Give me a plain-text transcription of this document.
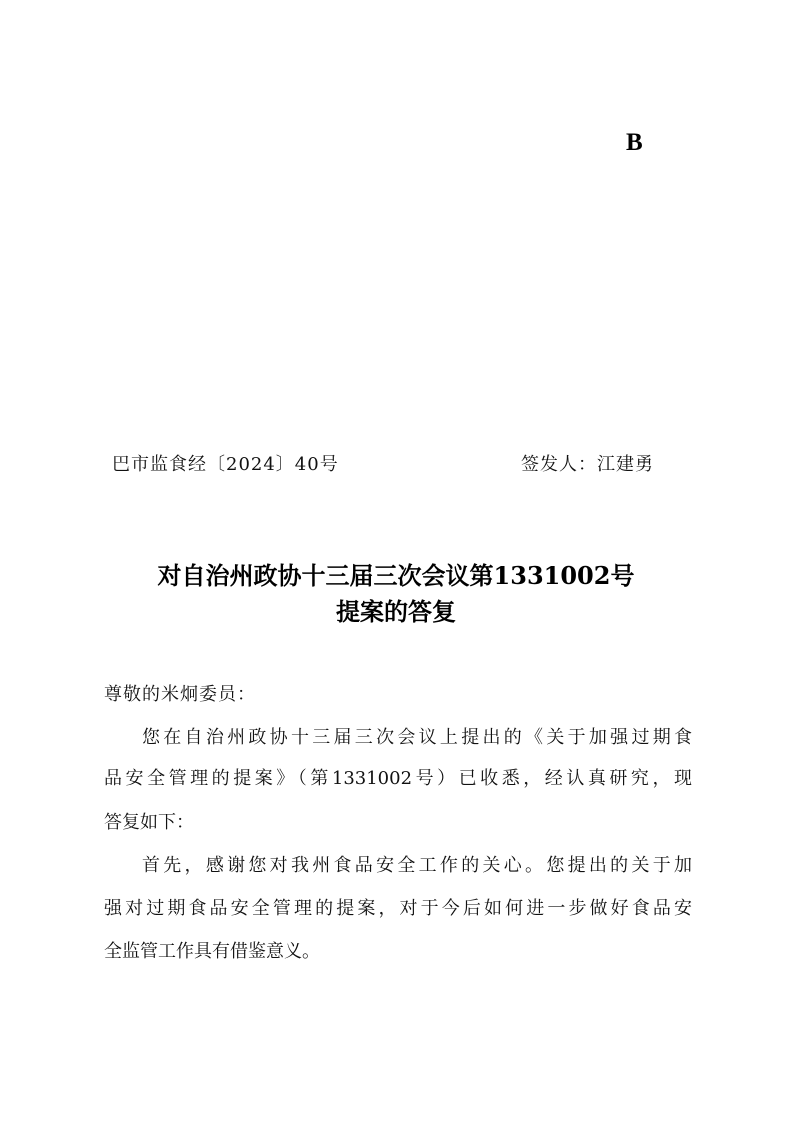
B
巴市监食经〔2024〕40号	签发人：江建勇
对自治州政协十三届三次会议第1331002号
提案的答复
尊敬的米炯委员：
您在自治州政协十三届三次会议上提出的《关于加强过期食
品安全管理的提案》（第1331002号）已收悉，经认真研究，现
答复如下：
首先，感谢您对我州食品安全工作的关心。您提出的关于加
强对过期食品安全管理的提案，对于今后如何进一步做好食品安
全监管工作具有借鉴意义。
